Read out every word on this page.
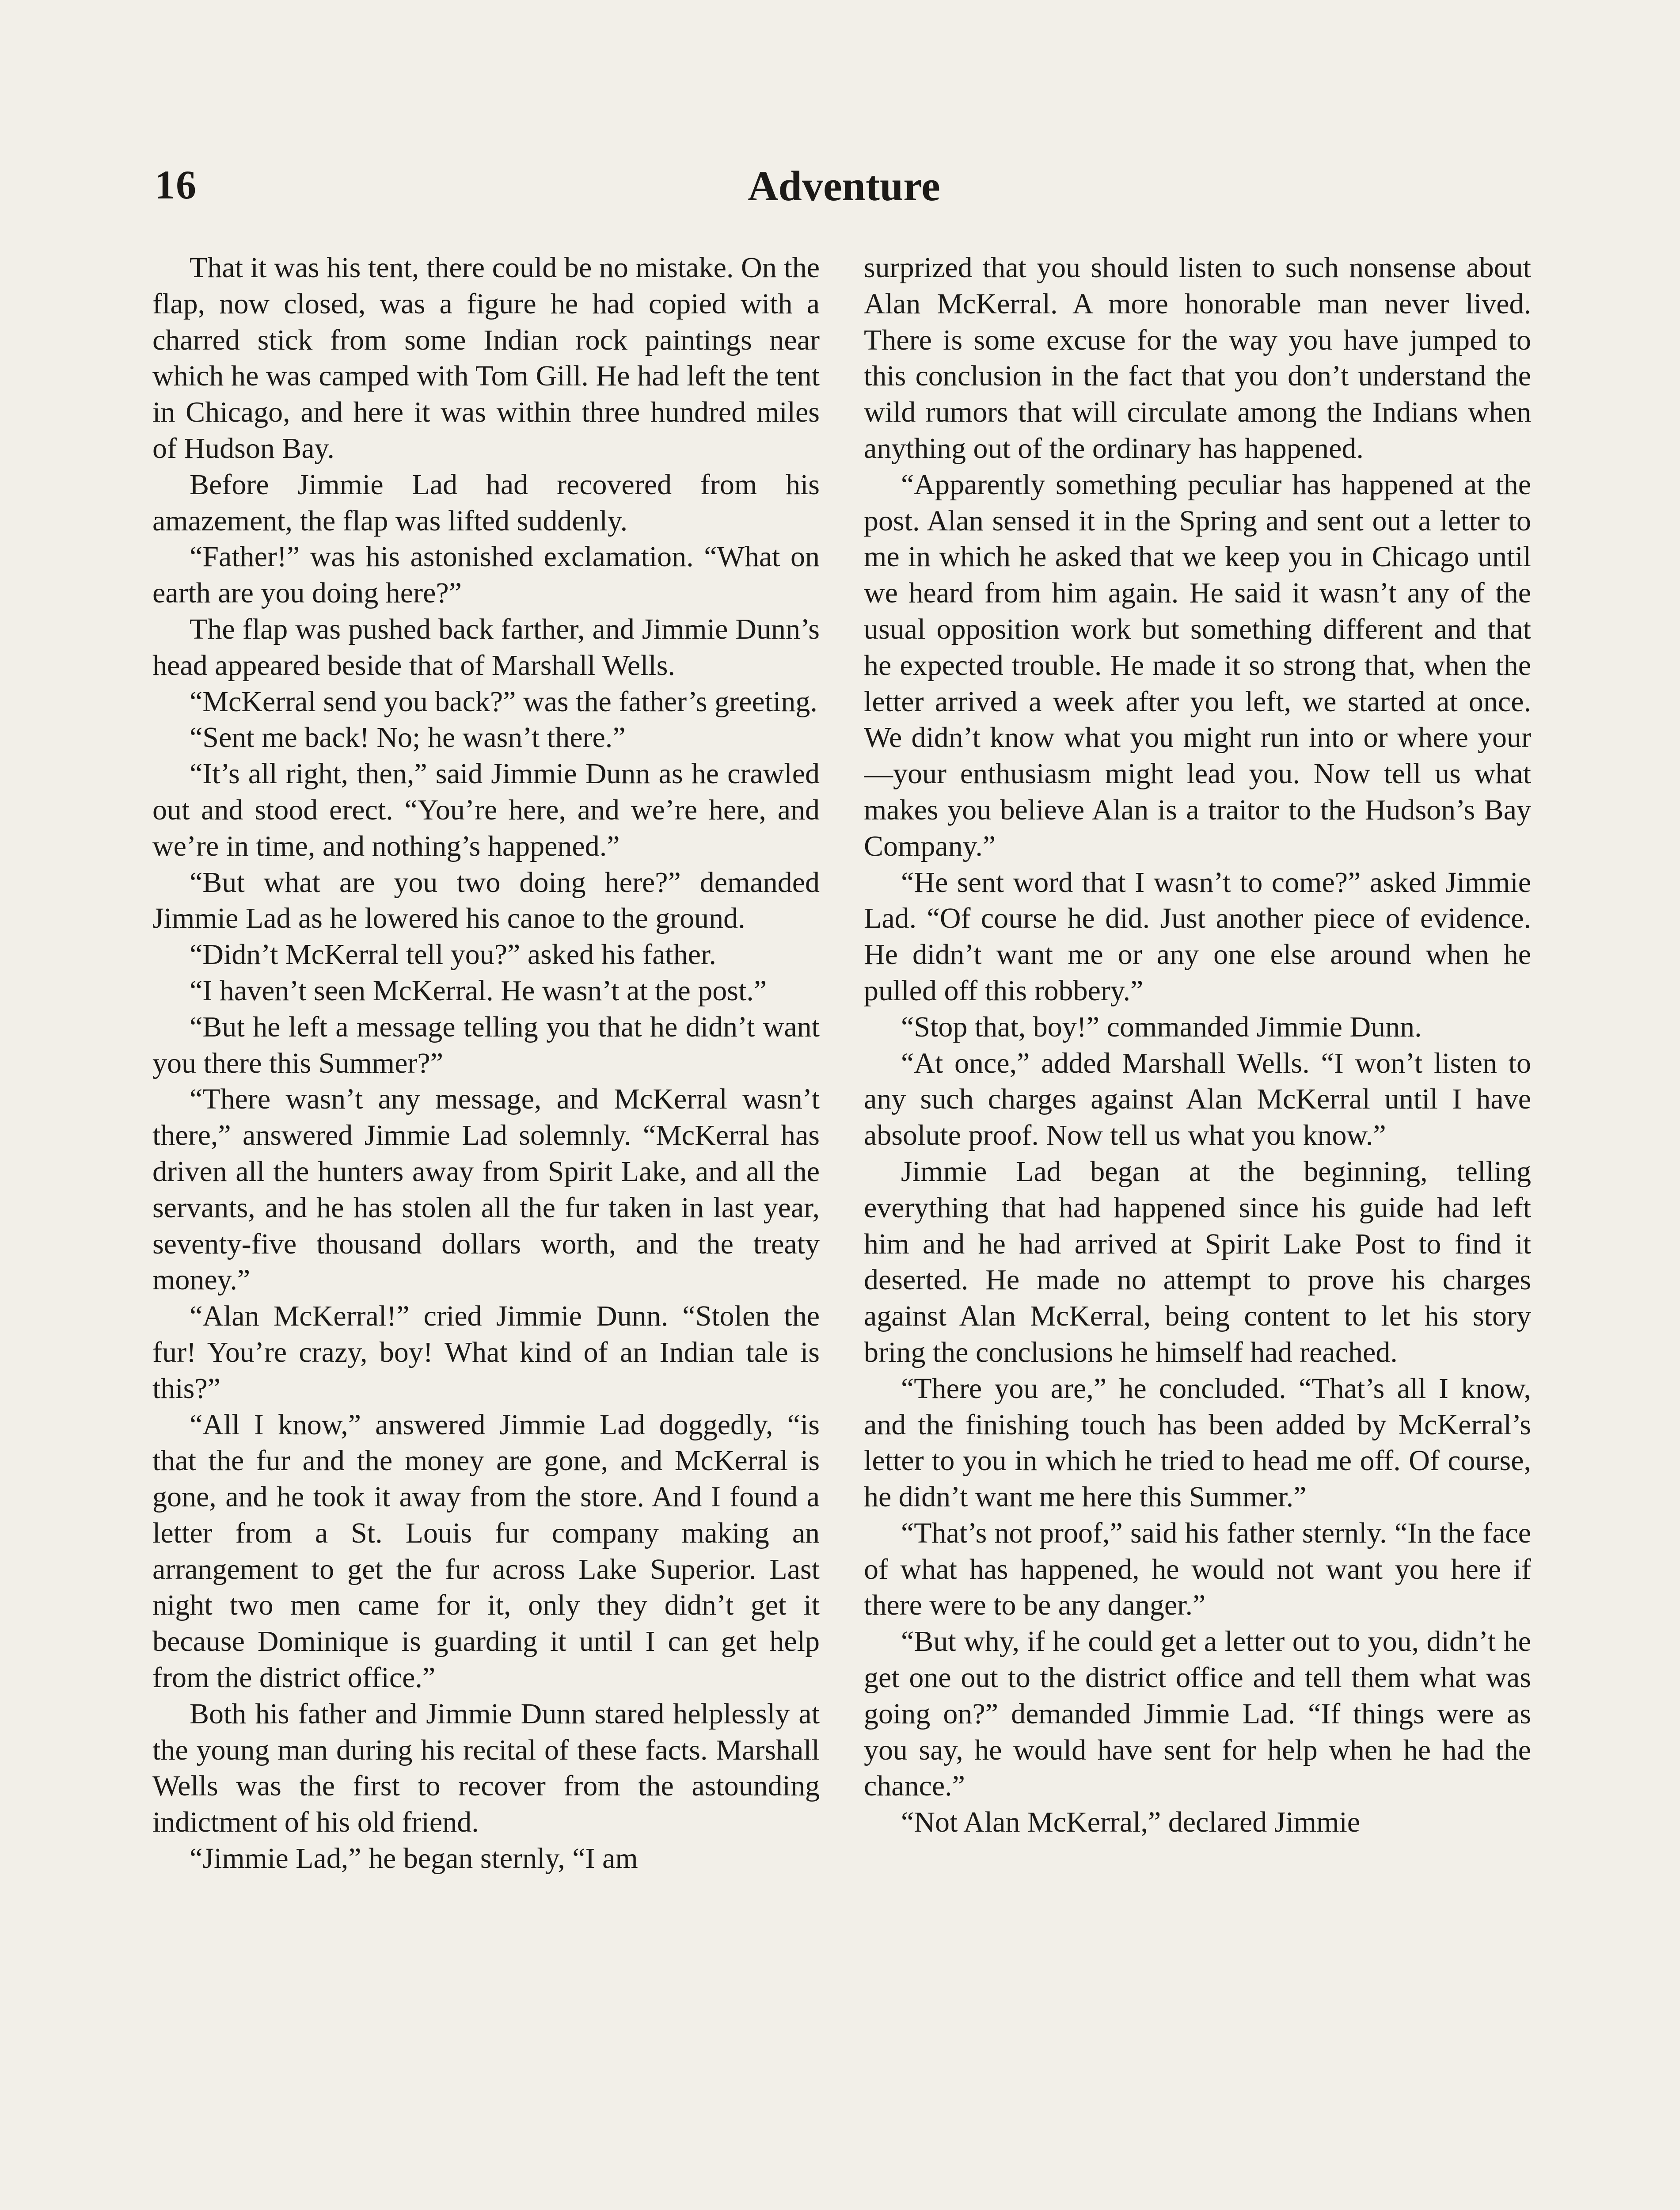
16	Adventure

That it was his tent, there could be no mistake. On the flap, now closed, was a figure he had copied with a charred stick from some Indian rock paintings near which he was camped with Tom Gill. He had left the tent in Chicago, and here it was within three hundred miles of Hudson Bay.

Before Jimmie Lad had recovered from his amazement, the flap was lifted suddenly.

“Father!” was his astonished exclamation. “What on earth are you doing here?”

The flap was pushed back farther, and Jimmie Dunn’s head appeared beside that of Marshall Wells.

“McKerral send you back?” was the father’s greeting.

“Sent me back! No; he wasn’t there.”

“It’s all right, then,” said Jimmie Dunn as he crawled out and stood erect. “You’re here, and we’re here, and we’re in time, and nothing’s happened.”

“But what are you two doing here?” demanded Jimmie Lad as he lowered his canoe to the ground.

“Didn’t McKerral tell you?” asked his father.

“I haven’t seen McKerral. He wasn’t at the post.”

“But he left a message telling you that he didn’t want you there this Summer?”

“There wasn’t any message, and McKerral wasn’t there,” answered Jimmie Lad solemnly. “McKerral has driven all the hunters away from Spirit Lake, and all the servants, and he has stolen all the fur taken in last year, seventy-five thousand dollars worth, and the treaty money.”

“Alan McKerral!” cried Jimmie Dunn. “Stolen the fur! You’re crazy, boy! What kind of an Indian tale is this?”

“All I know,” answered Jimmie Lad doggedly, “is that the fur and the money are gone, and McKerral is gone, and he took it away from the store. And I found a letter from a St. Louis fur company making an arrangement to get the fur across Lake Superior. Last night two men came for it, only they didn’t get it because Dominique is guarding it until I can get help from the district office.”

Both his father and Jimmie Dunn stared helplessly at the young man during his recital of these facts. Marshall Wells was the first to recover from the astounding indictment of his old friend.

“Jimmie Lad,” he began sternly, “I am

surprized that you should listen to such nonsense about Alan McKerral. A more honorable man never lived. There is some excuse for the way you have jumped to this conclusion in the fact that you don’t understand the wild rumors that will circulate among the Indians when anything out of the ordinary has happened.

“Apparently something peculiar has happened at the post. Alan sensed it in the Spring and sent out a letter to me in which he asked that we keep you in Chicago until we heard from him again. He said it wasn’t any of the usual opposition work but something different and that he expected trouble. He made it so strong that, when the letter arrived a week after you left, we started at once. We didn’t know what you might run into or where your—your enthusiasm might lead you. Now tell us what makes you believe Alan is a traitor to the Hudson’s Bay Company.”

“He sent word that I wasn’t to come?” asked Jimmie Lad. “Of course he did. Just another piece of evidence. He didn’t want me or any one else around when he pulled off this robbery.”

“Stop that, boy!” commanded Jimmie Dunn.

“At once,” added Marshall Wells. “I won’t listen to any such charges against Alan McKerral until I have absolute proof. Now tell us what you know.”

Jimmie Lad began at the beginning, telling everything that had happened since his guide had left him and he had arrived at Spirit Lake Post to find it deserted. He made no attempt to prove his charges against Alan McKerral, being content to let his story bring the conclusions he himself had reached.

“There you are,” he concluded. “That’s all I know, and the finishing touch has been added by McKerral’s letter to you in which he tried to head me off. Of course, he didn’t want me here this Summer.”

“That’s not proof,” said his father sternly. “In the face of what has happened, he would not want you here if there were to be any danger.”

“But why, if he could get a letter out to you, didn’t he get one out to the district office and tell them what was going on?” demanded Jimmie Lad. “If things were as you say, he would have sent for help when he had the chance.”

“Not Alan McKerral,” declared Jimmie
